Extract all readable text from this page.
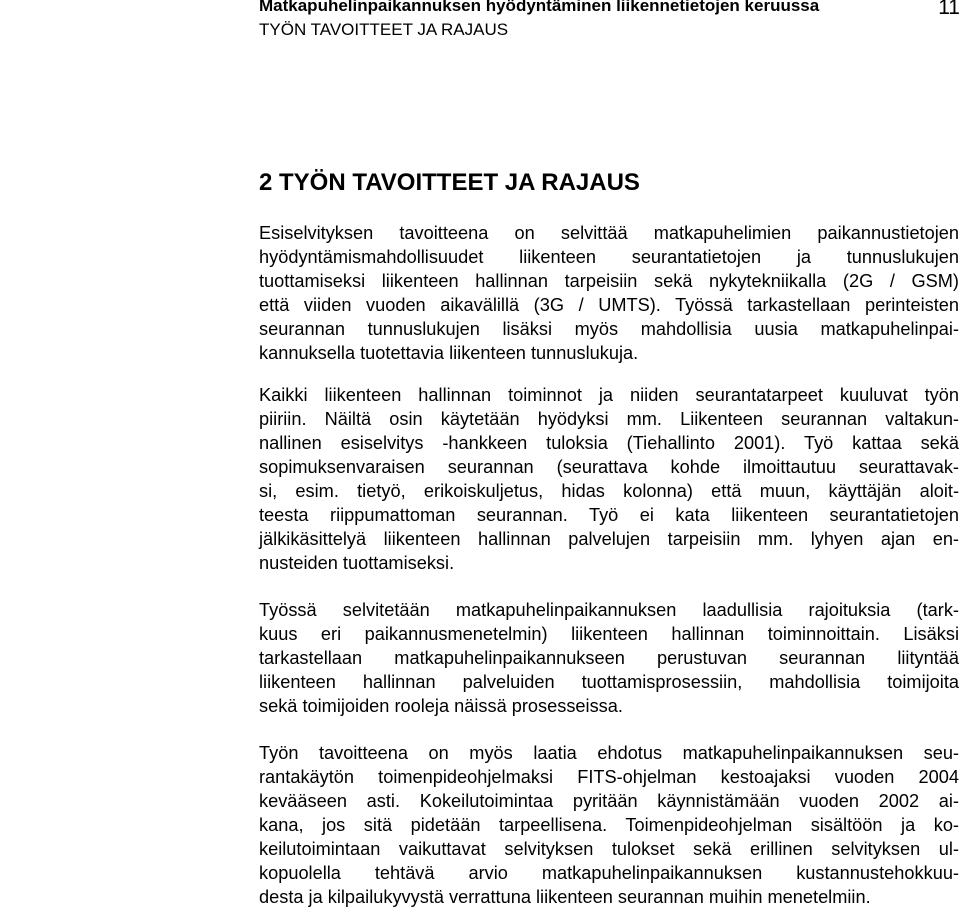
Matkapuhelinpaikannuksen hyödyntäminen liikennetietojen keruussa
TYÖN TAVOITTEET JA RAJAUS
11
2 TYÖN TAVOITTEET JA RAJAUS
Esiselvityksen tavoitteena on selvittää matkapuhelimien paikannustietojen
hyödyntämismahdollisuudet liikenteen seurantatietojen ja tunnuslukujen
tuottamiseksi liikenteen hallinnan tarpeisiin sekä nykytekniikalla (2G / GSM)
että viiden vuoden aikavälillä (3G / UMTS). Työssä tarkastellaan perinteisten
seurannan tunnuslukujen lisäksi myös mahdollisia uusia matkapuhelinpai-
kannuksella tuotettavia liikenteen tunnuslukuja.
Kaikki liikenteen hallinnan toiminnot ja niiden seurantatarpeet kuuluvat työn
piiriin. Näiltä osin käytetään hyödyksi mm. Liikenteen seurannan valtakun-
nallinen esiselvitys -hankkeen tuloksia (Tiehallinto 2001). Työ kattaa sekä
sopimuksenvaraisen seurannan (seurattava kohde ilmoittautuu seurattavak-
si, esim. tietyö, erikoiskuljetus, hidas kolonna) että muun, käyttäjän aloit-
teesta riippumattoman seurannan. Työ ei kata liikenteen seurantatietojen
jälkikäsittelyä liikenteen hallinnan palvelujen tarpeisiin mm. lyhyen ajan en-
nusteiden tuottamiseksi.
Työssä selvitetään matkapuhelinpaikannuksen laadullisia rajoituksia (tark-
kuus eri paikannusmenetelmin) liikenteen hallinnan toiminnoittain. Lisäksi
tarkastellaan matkapuhelinpaikannukseen perustuvan seurannan liityntää
liikenteen hallinnan palveluiden tuottamisprosessiin, mahdollisia toimijoita
sekä toimijoiden rooleja näissä prosesseissa.
Työn tavoitteena on myös laatia ehdotus matkapuhelinpaikannuksen seu-
rantakäytön toimenpideohjelmaksi FITS-ohjelman kestoajaksi vuoden 2004
kevääseen asti. Kokeilutoimintaa pyritään käynnistämään vuoden 2002 ai-
kana, jos sitä pidetään tarpeellisena. Toimenpideohjelman sisältöön ja ko-
keilutoimintaan vaikuttavat selvityksen tulokset sekä erillinen selvityksen ul-
kopuolella tehtävä arvio matkapuhelinpaikannuksen kustannustehokkuu-
desta ja kilpailukyvystä verrattuna liikenteen seurannan muihin menetelmiin.
